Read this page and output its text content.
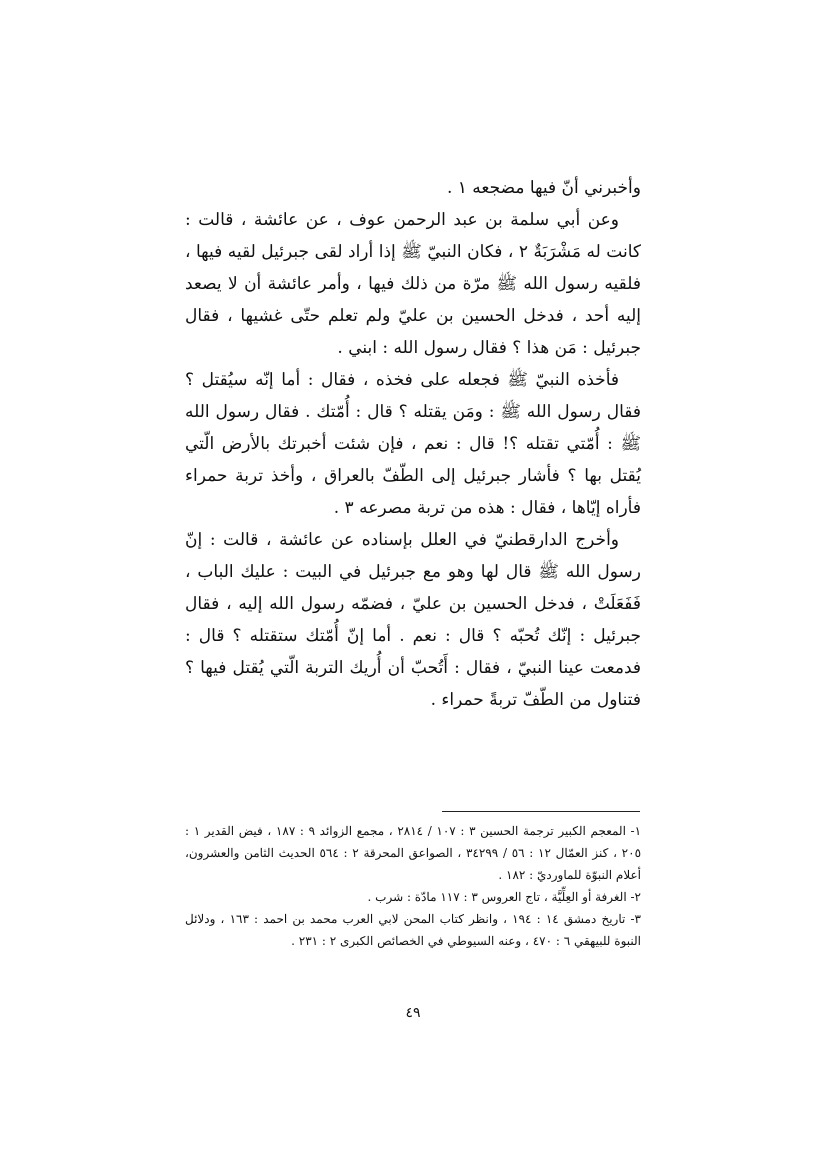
وأخبرني أنّ فيها مضجعه ١ .

وعن أبي سلمة بن عبد الرحمن عوف ، عن عائشة ، قالت : كانت له مَشْرَبَةٌ ٢ ، فكان النبيّ ﷺ إذا أراد لقى جبرئيل لقيه فيها ، فلقيه رسول الله ﷺ مرّة من ذلك فيها ، وأمر عائشة أن لا يصعد إليه أحد ، فدخل الحسين بن عليّ ولم تعلم حتّى غشيها ، فقال جبرئيل : مَن هذا ؟ فقال رسول الله : ابني .

فأخذه النبيّ ﷺ فجعله على فخذه ، فقال : أما إنّه سيُقتل ؟ فقال رسول الله ﷺ : ومَن يقتله ؟ قال : أُمّتك . فقال رسول الله ﷺ : أُمّتي تقتله ؟! قال : نعم ، فإن شئت أخبرتك بالأرض الّتي يُقتل بها ؟ فأشار جبرئيل إلى الطّفّ بالعراق ، وأخذ تربة حمراء فأراه إيّاها ، فقال : هذه من تربة مصرعه ٣ .

وأخرج الدارقطنيّ في العلل بإسناده عن عائشة ، قالت : إنّ رسول الله ﷺ قال لها وهو مع جبرئيل في البيت : عليك الباب ، فَفَعَلَتْ ، فدخل الحسين بن عليّ ، فضمّه رسول الله إليه ، فقال جبرئيل : إنّك تُحبّه ؟ قال : نعم . أما إنّ أُمّتك ستقتله ؟ قال : فدمعت عينا النبيّ ، فقال : أَتُحبّ أن أُريك التربة الّتي يُقتل فيها ؟ فتناول من الطّفّ تربةً حمراء .

١- المعجم الكبير ترجمة الحسين ٣ : ١٠٧ / ٢٨١٤ ، مجمع الزوائد ٩ : ١٨٧ ، فيض القدير ١ : ٢٠٥ ، كنز العمّال ١٢ : ٥٦ / ٣٤٢٩٩ ، الصواعق المحرقة ٢ : ٥٦٤ الحديث الثامن والعشرون، أعلام النبوّة للماورديّ : ١٨٢ .

٢- الغرفة أو العِلِّيَّة ، تاج العروس ٣ : ١١٧ مادّة : شرب .

٣- تاريخ دمشق ١٤ : ١٩٤ ، وانظر كتاب المحن لابي العرب محمد بن احمد : ١٦٣ ، ودلائل النبوة للبيهقي ٦ : ٤٧٠ ، وعنه السيوطي في الخصائص الكبرى ٢ : ٢٣١ .

٤٩
